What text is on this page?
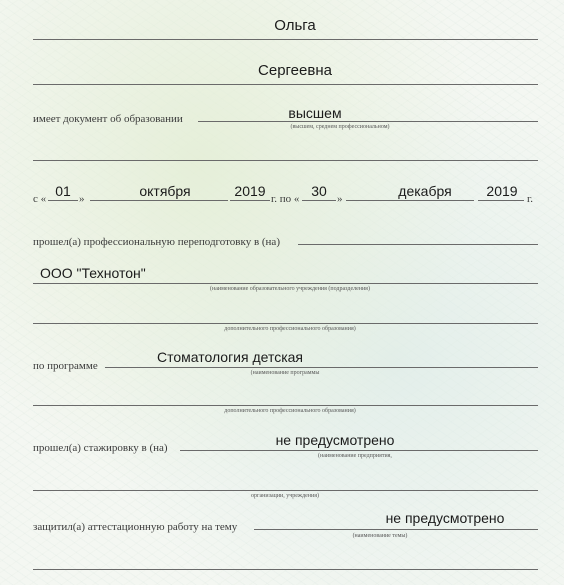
Ольга
Сергеевна
имеет документ об образовании	высшем
(высшем, среднем профессиональном)
с « 01 »	октября	2019 г. по « 30 »	декабря	2019 г.
прошел(а) профессиональную переподготовку в (на)
ООО "Технотон"
(наименование образовательного учреждения (подразделения)
дополнительного профессионального образования)
по программе
Стоматология детская
(наименование программы
дополнительного профессионального образования)
прошел(а) стажировку в (на)	не предусмотрено
(наименование предприятия,
организации, учреждения)
защитил(а) аттестационную работу на тему
не предусмотрено
(наименование темы)
